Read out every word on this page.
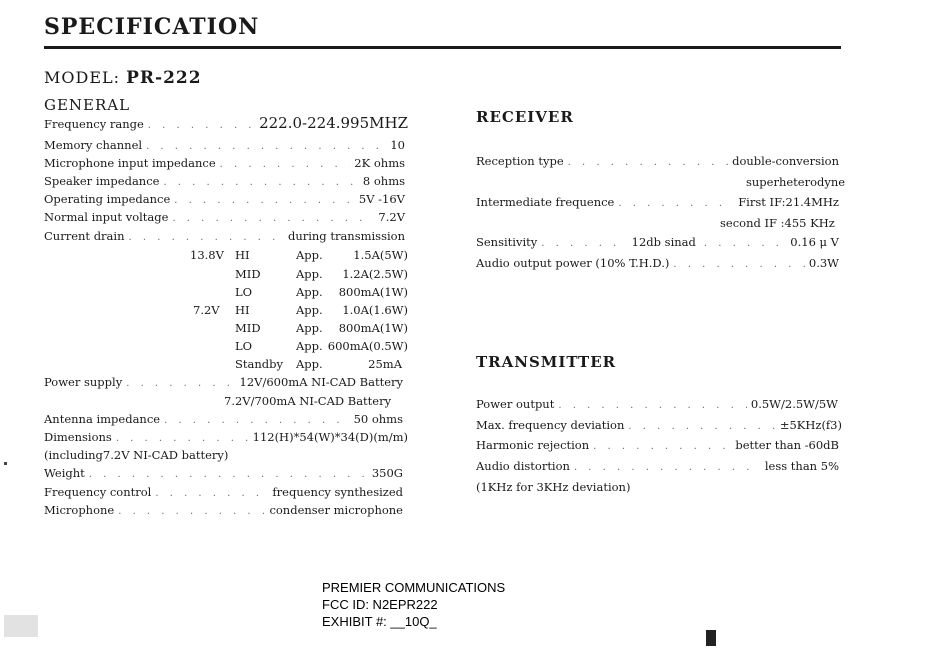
SPECIFICATION
MODEL: PR-222
GENERAL
Frequency range . . .	222.0-224.995MHZ
Memory channel . . .	10
Microphone input impedance . . .	2K ohms
Speaker impedance . . .	8 ohms
Operating impedance . . .	5V -16V
Normal input voltage . . .	7.2V
Current drain . . .	during transmission
13.8V HI	App.	1.5A(5W)
MID	App. 1.2A(2.5W)
LO	App. 800mA(1W)
7.2V HI	App. 1.0A(1.6W)
MID	App. 800mA(1W)
LO	App. 600mA(0.5W)
Standby App.	25mA
Power supply . . .	12V/600mA NI-CAD Battery
7.2V/700mA NI-CAD Battery
Antenna impedance . . .	50 ohms
Dimensions . . .	112(H)*54(W)*34(D)(m/m)
(including7.2V NI-CAD battery)
Weight . . .	350G
Frequency control . . .	frequency synthesized
Microphone . . .	condenser microphone
RECEIVER
Reception type . . .	double-conversion
superheterodyne
Intermediate frequence . . .	First IF:21.4MHz
second IF :455 KHz
Sensitivity . . .	12db sinad . . .	0.16 μ V
Audio output power (10% T.H.D.) . . .	0.3W
TRANSMITTER
Power output . . .	0.5W/2.5W/5W
Max. frequency deviation . . .	±5KHz(f3)
Harmonic rejection . . .	better than -60dB
Audio distortion . . .	less than 5%
(1KHz for 3KHz deviation)
PREMIER COMMUNICATIONS
FCC ID: N2EPR222
EXHIBIT #: __10Q_
